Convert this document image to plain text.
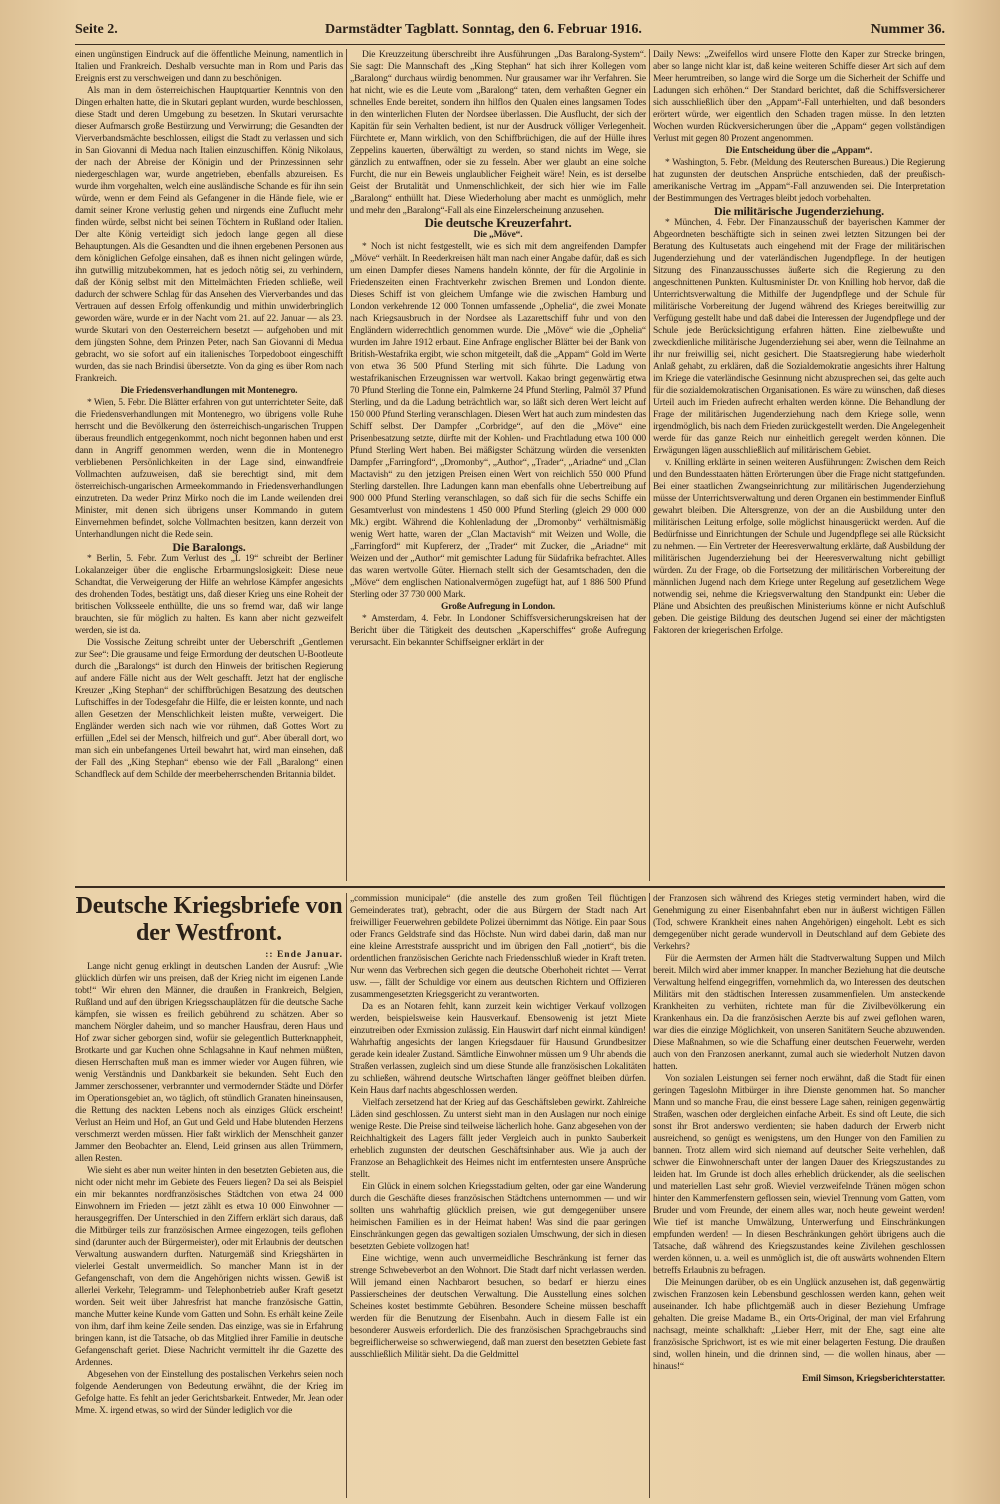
Seite 2.	Darmstädter Tagblatt. Sonntag, den 6. Februar 1916.	Nummer 36.

einen ungünstigen Eindruck auf die öffentliche Meinung, namentlich in Italien und Frankreich. Deshalb versuchte man in Rom und Paris das Ereignis erst zu verschweigen und dann zu beschönigen.

Als man in dem österreichischen Hauptquartier Kenntnis von den Dingen erhalten hatte, die in Skutari geplant wurden, wurde beschlossen, diese Stadt und deren Umgebung zu besetzen. In Skutari verursachte dieser Aufmarsch große Bestürzung und Verwirrung; die Gesandten der Vierverbandsmächte beschlossen, eiligst die Stadt zu verlassen und sich in San Giovanni di Medua nach Italien einzuschiffen. König Nikolaus, der nach der Abreise der Königin und der Prinzessinnen sehr niedergeschlagen war, wurde angetrieben, ebenfalls abzureisen. Es wurde ihm vorgehalten, welch eine ausländische Schande es für ihn sein würde, wenn er dem Feind als Gefangener in die Hände fiele, wie er damit seiner Krone verlustig gehen und nirgends eine Zuflucht mehr finden würde, selbst nicht bei seinen Töchtern in Rußland oder Italien. Der alte König verteidigt sich jedoch lange gegen all diese Behauptungen. Als die Gesandten und die ihnen ergebenen Personen aus dem königlichen Gefolge einsahen, daß es ihnen nicht gelingen würde, ihn gutwillig mitzubekommen, hat es jedoch nötig sei, zu verhindern, daß der König selbst mit den Mittelmächten Frieden schließe, weil dadurch der schwere Schlag für das Ansehen des Vierverbandes und das Vertrauen auf dessen Erfolg offenkundig und mithin unwiderbringlich geworden wäre, wurde er in der Nacht vom 21. auf 22. Januar — als 23. wurde Skutari von den Oesterreichern besetzt — aufgehoben und mit dem jüngsten Sohne, dem Prinzen Peter, nach San Giovanni di Medua gebracht, wo sie sofort auf ein italienisches Torpedoboot eingeschifft wurden, das sie nach Brindisi übersetzte. Von da ging es über Rom nach Frankreich.

Die Friedensverhandlungen mit Montenegro.

* Wien, 5. Febr. Die Blätter erfahren von gut unterrichteter Seite, daß die Friedensverhandlungen mit Montenegro, wo übrigens volle Ruhe herrscht und die Bevölkerung den österreichisch-ungarischen Truppen überaus freundlich entgegenkommt, noch nicht begonnen haben und erst dann in Angriff genommen werden, wenn die in Montenegro verbliebenen Persönlichkeiten in der Lage sind, einwandfreie Vollmachten aufzuweisen, daß sie berechtigt sind, mit dem österreichisch-ungarischen Armeekommando in Friedensverhandlungen einzutreten. Da weder Prinz Mirko noch die im Lande weilenden drei Minister, mit denen sich übrigens unser Kommando in gutem Einvernehmen befindet, solche Vollmachten besitzen, kann derzeit von Unterhandlungen nicht die Rede sein.

Die Baralongs.

* Berlin, 5. Febr. Zum Verlust des „L 19“ schreibt der Berliner Lokalanzeiger über die englische Erbarmungslosigkeit: Diese neue Schandtat, die Verweigerung der Hilfe an wehrlose Kämpfer angesichts des drohenden Todes, bestätigt uns, daß dieser Krieg uns eine Roheit der britischen Volksseele enthüllte, die uns so fremd war, daß wir lange brauchten, sie für möglich zu halten. Es kann aber nicht gezweifelt werden, sie ist da.

Die Vossische Zeitung schreibt unter der Ueberschrift „Gentlemen zur See“: Die grausame und feige Ermordung der deutschen U-Bootleute durch die „Baralongs“ ist durch den Hinweis der britischen Regierung auf andere Fälle nicht aus der Welt geschafft. Jetzt hat der englische Kreuzer „King Stephan“ der schiffbrüchigen Besatzung des deutschen Luftschiffes in der Todesgefahr die Hilfe, die er leisten konnte, und nach allen Gesetzen der Menschlichkeit leisten mußte, verweigert. Die Engländer werden sich nach wie vor rühmen, daß Gottes Wort zu erfüllen „Edel sei der Mensch, hilfreich und gut“. Aber überall dort, wo man sich ein unbefangenes Urteil bewahrt hat, wird man einsehen, daß der Fall des „King Stephan“ ebenso wie der Fall „Baralong“ einen Schandfleck auf dem Schilde der meerbeherrschenden Britannia bildet.

Die Kreuzzeitung überschreibt ihre Ausführungen „Das Baralong-System“. Sie sagt: Die Mannschaft des „King Stephan“ hat sich ihrer Kollegen vom „Baralong“ durchaus würdig benommen. Nur grausamer war ihr Verfahren. Sie hat nicht, wie es die Leute vom „Baralong“ taten, dem verhaßten Gegner ein schnelles Ende bereitet, sondern ihn hilflos den Qualen eines langsamen Todes in den winterlichen Fluten der Nordsee überlassen. Die Ausflucht, der sich der Kapitän für sein Verhalten bedient, ist nur der Ausdruck völliger Verlegenheit. Fürchtete er, Mann wirklich, von den Schiffbrüchigen, die auf der Hülle ihres Zeppelins kauerten, überwältigt zu werden, so stand nichts im Wege, sie gänzlich zu entwaffnen, oder sie zu fesseln. Aber wer glaubt an eine solche Furcht, die nur ein Beweis unglaublicher Feigheit wäre! Nein, es ist derselbe Geist der Brutalität und Unmenschlichkeit, der sich hier wie im Falle „Baralong“ enthüllt hat. Diese Wiederholung aber macht es unmöglich, mehr und mehr den „Baralong“-Fall als eine Einzelerscheinung anzusehen.

Die deutsche Kreuzerfahrt.

Die „Möve“.

* Noch ist nicht festgestellt, wie es sich mit dem angreifenden Dampfer „Möve“ verhält. In Reederkreisen hält man nach einer Angabe dafür, daß es sich um einen Dampfer dieses Namens handeln könnte, der für die Argolinie in Friedenszeiten einen Frachtverkehr zwischen Bremen und London diente. Dieses Schiff ist von gleichem Umfange wie die zwischen Hamburg und London verkehrende 12 000 Tonnen umfassende „Ophelia“, die zwei Monate nach Kriegsausbruch in der Nordsee als Lazarettschiff fuhr und von den Engländern widerrechtlich genommen wurde. Die „Möve“ wie die „Ophelia“ wurden im Jahre 1912 erbaut. Eine Anfrage englischer Blätter bei der Bank von British-Westafrika ergibt, wie schon mitgeteilt, daß die „Appam“ Gold im Werte von etwa 36 500 Pfund Sterling mit sich führte. Die Ladung von westafrikanischen Erzeugnissen war wertvoll. Kakao bringt gegenwärtig etwa 70 Pfund Sterling die Tonne ein, Palmkerne 24 Pfund Sterling, Palmöl 37 Pfund Sterling, und da die Ladung beträchtlich war, so läßt sich deren Wert leicht auf 150 000 Pfund Sterling veranschlagen. Diesen Wert hat auch zum mindesten das Schiff selbst. Der Dampfer „Corbridge“, auf den die „Möve“ eine Prisenbesatzung setzte, dürfte mit der Kohlen- und Frachtladung etwa 100 000 Pfund Sterling Wert haben. Bei mäßigster Schätzung würden die versenkten Dampfer „Farringford“, „Dromonby“, „Author“, „Trader“, „Ariadne“ und „Clan Mactavish“ zu den jetzigen Preisen einen Wert von reichlich 550 000 Pfund Sterling darstellen. Ihre Ladungen kann man ebenfalls ohne Uebertreibung auf 900 000 Pfund Sterling veranschlagen, so daß sich für die sechs Schiffe ein Gesamtverlust von mindestens 1 450 000 Pfund Sterling (gleich 29 000 000 Mk.) ergibt. Während die Kohlenladung der „Dromonby“ verhältnismäßig wenig Wert hatte, waren der „Clan Mactavish“ mit Weizen und Wolle, die „Farringford“ mit Kupfererz, der „Trader“ mit Zucker, die „Ariadne“ mit Weizen und der „Author“ mit gemischter Ladung für Südafrika befrachtet. Alles das waren wertvolle Güter. Hiernach stellt sich der Gesamtschaden, den die „Möve“ dem englischen Nationalvermögen zugefügt hat, auf 1 886 500 Pfund Sterling oder 37 730 000 Mark.

Große Aufregung in London.

* Amsterdam, 4. Febr. In Londoner Schiffsversicherungskreisen hat der Bericht über die Tätigkeit des deutschen „Kaperschiffes“ große Aufregung verursacht. Ein bekannter Schiffseigner erklärt in der

Daily News: „Zweifellos wird unsere Flotte den Kaper zur Strecke bringen, aber so lange nicht klar ist, daß keine weiteren Schiffe dieser Art sich auf dem Meer herumtreiben, so lange wird die Sorge um die Sicherheit der Schiffe und Ladungen sich erhöhen.“ Der Standard berichtet, daß die Schiffsversicherer sich ausschließlich über den „Appam“-Fall unterhielten, und daß besonders erörtert würde, wer eigentlich den Schaden tragen müsse. In den letzten Wochen wurden Rückversicherungen über die „Appam“ gegen vollständigen Verlust mit gegen 80 Prozent angenommen.

Die Entscheidung über die „Appam“.

* Washington, 5. Febr. (Meldung des Reuterschen Bureaus.) Die Regierung hat zugunsten der deutschen Ansprüche entschieden, daß der preußisch-amerikanische Vertrag im „Appam“-Fall anzuwenden sei. Die Interpretation der Bestimmungen des Vertrages bleibt jedoch vorbehalten.

Die militärische Jugenderziehung.

* München, 4. Febr. Der Finanzausschuß der bayerischen Kammer der Abgeordneten beschäftigte sich in seinen zwei letzten Sitzungen bei der Beratung des Kultusetats auch eingehend mit der Frage der militärischen Jugenderziehung und der vaterländischen Jugendpflege. In der heutigen Sitzung des Finanzausschusses äußerte sich die Regierung zu den angeschnittenen Punkten. Kultusminister Dr. von Knilling hob hervor, daß die Unterrichtsverwaltung die Mithilfe der Jugendpflege und der Schule für militärische Vorbereitung der Jugend während des Krieges bereitwillig zur Verfügung gestellt habe und daß dabei die Interessen der Jugendpflege und der Schule jede Berücksichtigung erfahren hätten. Eine zielbewußte und zweckdienliche militärische Jugenderziehung sei aber, wenn die Teilnahme an ihr nur freiwillig sei, nicht gesichert. Die Staatsregierung habe wiederholt Anlaß gehabt, zu erklären, daß die Sozialdemokratie angesichts ihrer Haltung im Kriege die vaterländische Gesinnung nicht abzusprechen sei, das gelte auch für die sozialdemokratischen Organisationen. Es wäre zu wünschen, daß dieses Urteil auch im Frieden aufrecht erhalten werden könne. Die Behandlung der Frage der militärischen Jugenderziehung nach dem Kriege solle, wenn irgendmöglich, bis nach dem Frieden zurückgestellt werden. Die Angelegenheit werde für das ganze Reich nur einheitlich geregelt werden können. Die Erwägungen lägen ausschließlich auf militärischem Gebiet.

v. Knilling erklärte in seinen weiteren Ausführungen: Zwischen dem Reich und den Bundesstaaten hätten Erörterungen über die Frage nicht stattgefunden. Bei einer staatlichen Zwangseinrichtung zur militärischen Jugenderziehung müsse der Unterrichtsverwaltung und deren Organen ein bestimmender Einfluß gewahrt bleiben. Die Altersgrenze, von der an die Ausbildung unter den militärischen Leitung erfolge, solle möglichst hinausgerückt werden. Auf die Bedürfnisse und Einrichtungen der Schule und Jugendpflege sei alle Rücksicht zu nehmen. — Ein Vertreter der Heeresverwaltung erklärte, daß Ausbildung der militärischen Jugenderziehung bei der Heeresverwaltung nicht gebilligt würden. Zu der Frage, ob die Fortsetzung der militärischen Vorbereitung der männlichen Jugend nach dem Kriege unter Regelung auf gesetzlichem Wege notwendig sei, nehme die Kriegsverwaltung den Standpunkt ein: Ueber die Pläne und Absichten des preußischen Ministeriums könne er nicht Aufschluß geben. Die geistige Bildung des deutschen Jugend sei einer der mächtigsten Faktoren der kriegerischen Erfolge.

Deutsche Kriegsbriefe von der Westfront.

:: Ende Januar.

Lange nicht genug erklingt in deutschen Landen der Ausruf: „Wie glücklich dürfen wir uns preisen, daß der Krieg nicht im eigenen Lande tobt!“ Wir ehren den Männer, die draußen in Frankreich, Belgien, Rußland und auf den übrigen Kriegsschauplätzen für die deutsche Sache kämpfen, sie wissen es freilich gebührend zu schätzen. Aber so manchem Nörgler daheim, und so mancher Hausfrau, deren Haus und Hof zwar sicher geborgen sind, wofür sie gelegentlich Butterknappheit, Brotkarte und gar Kuchen ohne Schlagsahne in Kauf nehmen müßten, diesen Herrschaften muß man es immer wieder vor Augen führen, wie wenig Verständnis und Dankbarkeit sie bekunden. Seht Euch den Jammer zerschossener, verbrannter und vermodernder Städte und Dörfer im Operationsgebiet an, wo täglich, oft stündlich Granaten hineinsausen, die Rettung des nackten Lebens noch als einziges Glück erscheint! Verlust an Heim und Hof, an Gut und Geld und Habe blutenden Herzens verschmerzt werden müssen. Hier faßt wirklich der Menschheit ganzer Jammer den Beobachter an. Elend, Leid grinsen aus allen Trümmern, allen Resten.

Wie sieht es aber nun weiter hinten in den besetzten Gebieten aus, die nicht oder nicht mehr im Gebiete des Feuers liegen? Da sei als Beispiel ein mir bekanntes nordfranzösisches Städtchen von etwa 24 000 Einwohnern im Frieden — jetzt zählt es etwa 10 000 Einwohner — herausgegriffen. Der Unterschied in den Ziffern erklärt sich daraus, daß die Mitbürger teils zur französischen Armee eingezogen, teils geflohen sind (darunter auch der Bürgermeister), oder mit Erlaubnis der deutschen Verwaltung auswandern durften. Naturgemäß sind Kriegshärten in vielerlei Gestalt unvermeidlich. So mancher Mann ist in der Gefangenschaft, von dem die Angehörigen nichts wissen. Gewiß ist allerlei Verkehr, Telegramm- und Telephonbetrieb außer Kraft gesetzt worden. Seit weit über Jahresfrist hat manche französische Gattin, manche Mutter keine Kunde vom Gatten und Sohn. Es erhält keine Zeile von ihm, darf ihm keine Zeile senden. Das einzige, was sie in Erfahrung bringen kann, ist die Tatsache, ob das Mitglied ihrer Familie in deutsche Gefangenschaft geriet. Diese Nachricht vermittelt ihr die Gazette des Ardennes.

Abgesehen von der Einstellung des postalischen Verkehrs seien noch folgende Aenderungen von Bedeutung erwähnt, die der Krieg im Gefolge hatte. Es fehlt an jeder Gerichtsbarkeit. Entweder, Mr. Jean oder Mme. X. irgend etwas, so wird der Sünder lediglich vor die

„commission municipale“ (die anstelle des zum großen Teil flüchtigen Gemeinderates trat), gebracht, oder die aus Bürgern der Stadt nach Art freiwilliger Feuerwehren gebildete Polizei übernimmt das Nötige. Ein paar Sous oder Francs Geldstrafe sind das Höchste. Nun wird dabei darin, daß man nur eine kleine Arreststrafe ausspricht und im übrigen den Fall „notiert“, bis die ordentlichen französischen Gerichte nach Friedensschluß wieder in Kraft treten. Nur wenn das Verbrechen sich gegen die deutsche Oberhoheit richtet — Verrat usw. —, fällt der Schuldige vor einem aus deutschen Richtern und Offizieren zusammengesetzten Kriegsgericht zu verantworten.

Da es an Notaren fehlt, kann zurzeit kein wichtiger Verkauf vollzogen werden, beispielsweise kein Hausverkauf. Ebensowenig ist jetzt Miete einzutreiben oder Exmission zulässig. Ein Hauswirt darf nicht einmal kündigen! Wahrhaftig angesichts der langen Kriegsdauer für Hausund Grundbesitzer gerade kein idealer Zustand. Sämtliche Einwohner müssen um 9 Uhr abends die Straßen verlassen, zugleich sind um diese Stunde alle französischen Lokalitäten zu schließen, während deutsche Wirtschaften länger geöffnet bleiben dürfen. Kein Haus darf nachts abgeschlossen werden.

Vielfach zersetzend hat der Krieg auf das Geschäftsleben gewirkt. Zahlreiche Läden sind geschlossen. Zu unterst sieht man in den Auslagen nur noch einige wenige Reste. Die Preise sind teilweise lächerlich hohe. Ganz abgesehen von der Reichhaltigkeit des Lagers fällt jeder Vergleich auch in punkto Sauberkeit erheblich zugunsten der deutschen Geschäftsinhaber aus. Wie ja auch der Franzose an Behaglichkeit des Heimes nicht im entferntesten unsere Ansprüche stellt.

Ein Glück in einem solchen Kriegsstadium gelten, oder gar eine Wanderung durch die Geschäfte dieses französischen Städtchens unternommen — und wir sollten uns wahrhaftig glücklich preisen, wie gut demgegenüber unsere heimischen Familien es in der Heimat haben! Was sind die paar geringen Einschränkungen gegen das gewaltigen sozialen Umschwung, der sich in diesen besetzten Gebiete vollzogen hat!

Eine wichtige, wenn auch unvermeidliche Beschränkung ist ferner das strenge Schwebeverbot an den Wohnort. Die Stadt darf nicht verlassen werden. Will jemand einen Nachbarort besuchen, so bedarf er hierzu eines Passierscheines der deutschen Verwaltung. Die Ausstellung eines solchen Scheines kostet bestimmte Gebühren. Besondere Scheine müssen beschafft werden für die Benutzung der Eisenbahn. Auch in diesem Falle ist ein besonderer Ausweis erforderlich. Die des französischen Sprachgebrauchs sind begreiflicherweise so schwerwiegend, daß man zuerst den besetzten Gebiete fast ausschließlich Militär sieht. Da die Geldmittel

der Franzosen sich während des Krieges stetig vermindert haben, wird die Genehmigung zu einer Eisenbahnfahrt eben nur in äußerst wichtigen Fällen (Tod, schwere Krankheit eines nahen Angehörigen) eingeholt. Lebt es sich demgegenüber nicht gerade wundervoll in Deutschland auf dem Gebiete des Verkehrs?

Für die Aermsten der Armen hält die Stadtverwaltung Suppen und Milch bereit. Milch wird aber immer knapper. In mancher Beziehung hat die deutsche Verwaltung helfend eingegriffen, vornehmlich da, wo Interessen des deutschen Militärs mit den städtischen Interessen zusammenfielen. Um ansteckende Krankheiten zu verhüten, richtete man für die Zivilbevölkerung ein Krankenhaus ein. Da die französischen Aerzte bis auf zwei geflohen waren, war dies die einzige Möglichkeit, von unseren Sanitätern Seuche abzuwenden. Diese Maßnahmen, so wie die Schaffung einer deutschen Feuerwehr, werden auch von den Franzosen anerkannt, zumal auch sie wiederholt Nutzen davon hatten.

Von sozialen Leistungen sei ferner noch erwähnt, daß die Stadt für einen geringen Tageslohn Mitbürger in ihre Dienste genommen hat. So mancher Mann und so manche Frau, die einst bessere Lage sahen, reinigen gegenwärtig Straßen, waschen oder dergleichen einfache Arbeit. Es sind oft Leute, die sich sonst ihr Brot anderswo verdienten; sie haben dadurch der Erwerb nicht ausreichend, so genügt es wenigstens, um den Hunger von den Familien zu bannen. Trotz allem wird sich niemand auf deutscher Seite verhehlen, daß schwer die Einwohnerschaft unter der langen Dauer des Kriegszustandes zu leiden hat. Im Grunde ist doch alles erheblich drückender, als die seelischen und materiellen Last sehr groß. Wieviel verzweifelnde Tränen mögen schon hinter den Kammerfenstern geflossen sein, wieviel Trennung vom Gatten, vom Bruder und vom Freunde, der einem alles war, noch heute geweint werden! Wie tief ist manche Umwälzung, Unterwerfung und Einschränkungen empfunden werden! — In diesen Beschränkungen gehört übrigens auch die Tatsache, daß während des Kriegszustandes keine Zivilehen geschlossen werden können, u. a. weil es unmöglich ist, die oft auswärts wohnenden Eltern betreffs Erlaubnis zu befragen.

Die Meinungen darüber, ob es ein Unglück anzusehen ist, daß gegenwärtig zwischen Franzosen kein Lebensbund geschlossen werden kann, gehen weit auseinander. Ich habe pflichtgemäß auch in dieser Beziehung Umfrage gehalten. Die greise Madame B., ein Orts-Original, der man viel Erfahrung nachsagt, meinte schalkhaft: „Lieber Herr, mit der Ehe, sagt eine alte französische Sprichwort, ist es wie mit einer belagerten Festung. Die draußen sind, wollen hinein, und die drinnen sind, — die wollen hinaus, aber — hinaus!“

Emil Simson, Kriegsberichterstatter.
